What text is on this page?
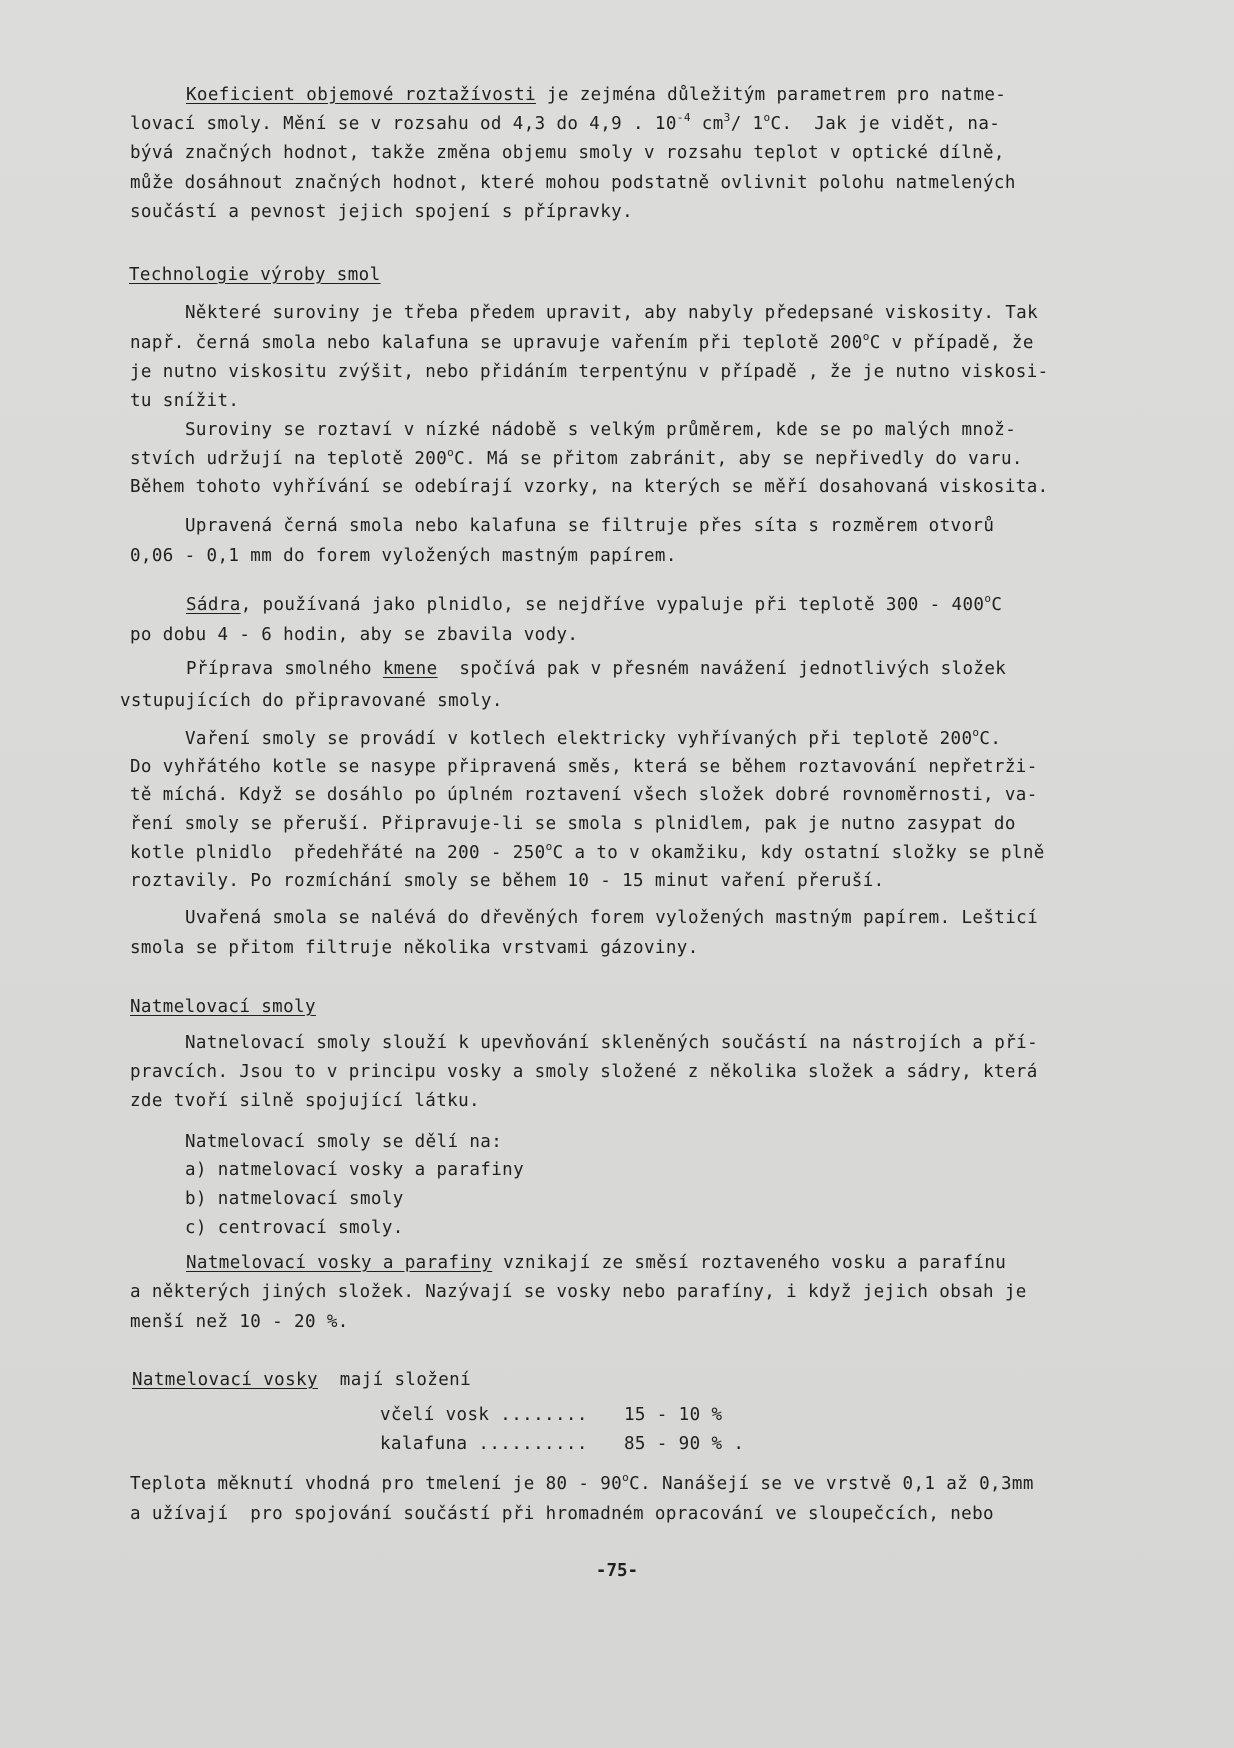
Koeficient objemové roztažívosti je zejména důležitým parametrem pro natme-
lovací smoly. Mění se v rozsahu od 4,3 do 4,9 . $10^{-4}$ $cm^3/$ 1$^o$C.  Jak je vidět, na-
bývá značných hodnot, takže změna objemu smoly v rozsahu teplot v optické dílně,
může dosáhnout značných hodnot, které mohou podstatně ovlivnit polohu natmelených
součástí a pevnost jejich spojení s přípravky.
Technologie výroby smol
Některé suroviny je třeba předem upravit, aby nabyly předepsané viskosity. Tak
např. černá smola nebo kalafuna se upravuje vařením při teplotě 200$^o$C v případě, že
je nutno viskositu zvýšit, nebo přidáním terpentýnu v případě , že je nutno viskosi-
tu snížit.
Suroviny se roztaví v nízké nádobě s velkým průměrem, kde se po malých množ-
stvích udržují na teplotě 200$^o$C. Má se přitom zabránit, aby se nepřivedly do varu.
Během tohoto vyhřívání se odebírají vzorky, na kterých se měří dosahovaná viskosita.
Upravená černá smola nebo kalafuna se filtruje přes síta s rozměrem otvorů
0,06 - 0,1 mm do forem vyložených mastným papírem.
Sádra, používaná jako plnidlo, se nejdříve vypaluje při teplotě 300 - 400$^o$C
po dobu 4 - 6 hodin, aby se zbavila vody.
Příprava smolného kmene  spočívá pak v přesném navážení jednotlivých složek
vstupujících do připravované smoly.
Vaření smoly se provádí v kotlech elektricky vyhřívaných při teplotě 200$^o$C.
Do vyhřátého kotle se nasype připravená směs, která se během roztavování nepřetrži-
tě míchá. Když se dosáhlo po úplném roztavení všech složek dobré rovnoměrnosti, va-
ření smoly se přeruší. Připravuje-li se smola s plnidlem, pak je nutno zasypat do
kotle plnidlo  předehřáté na 200 - 250$^o$C a to v okamžiku, kdy ostatní složky se plně
roztavily. Po rozmíchání smoly se během 10 - 15 minut vaření přeruší.
Uvařená smola se nalévá do dřevěných forem vyložených mastným papírem. Lešticí
smola se přitom filtruje několika vrstvami gázoviny.
Natmelovací smoly
Natnelovací smoly slouží k upevňování skleněných součástí na nástrojích a pří-
pravcích. Jsou to v principu vosky a smoly složené z několika složek a sádry, která
zde tvoří silně spojující látku.
Natmelovací smoly se dělí na:
a) natmelovací vosky a parafiny
b) natmelovací smoly
c) centrovací smoly.
Natmelovací vosky a parafiny vznikají ze směsí roztaveného vosku a parafínu
a některých jiných složek. Nazývají se vosky nebo parafíny, i když jejich obsah je
menší než 10 - 20 %.
Natmelovací vosky  mají složení
včelí vosk ........ 15 - 10 %
kalafuna .......... 85 - 90 % .
Teplota měknutí vhodná pro tmelení je 80 - 90$^o$C. Nanášejí se ve vrstvě 0,1 až 0,3mm
a užívají  pro spojování součástí při hromadném opracování ve sloupečcích, nebo
-75-
